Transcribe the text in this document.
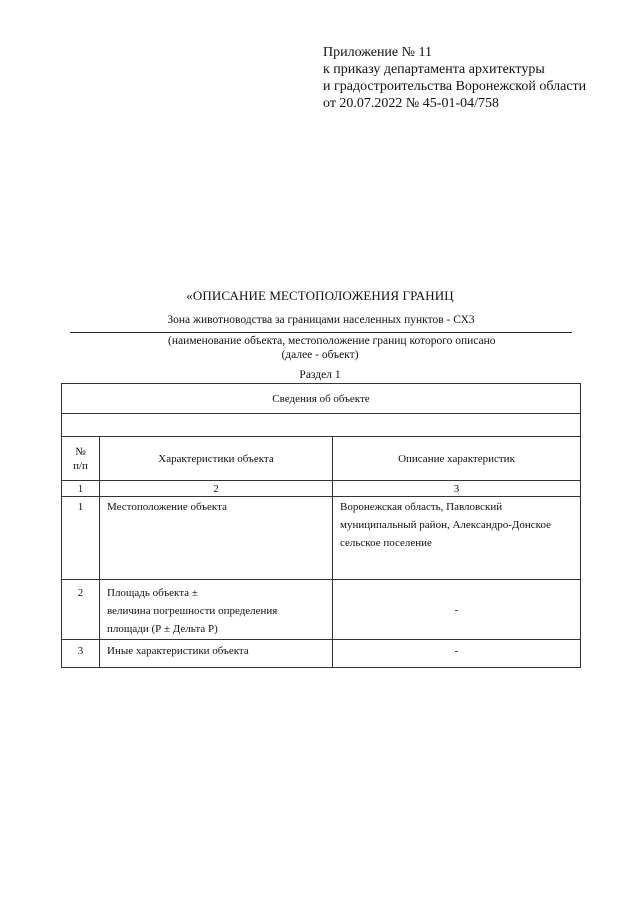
Приложение № 11
к приказу департамента архитектуры
и градостроительства Воронежской области
от 20.07.2022 № 45-01-04/758
«ОПИСАНИЕ МЕСТОПОЛОЖЕНИЯ ГРАНИЦ
Зона животноводства за границами населенных пунктов - СХ3
(наименование объекта, местоположение границ которого описано
(далее - объект)
Раздел 1
Сведения об объекте		

№
п/п	Характеристики объекта	Описание характеристик
1	2	3
1	Местоположение объекта	Воронежская область, Павловский муниципальный район, Александро-Донское сельское поселение
2	Площадь объекта ±
величина погрешности определения
площади (Р ± Дельта Р)	-
3	Иные характеристики объекта	-
